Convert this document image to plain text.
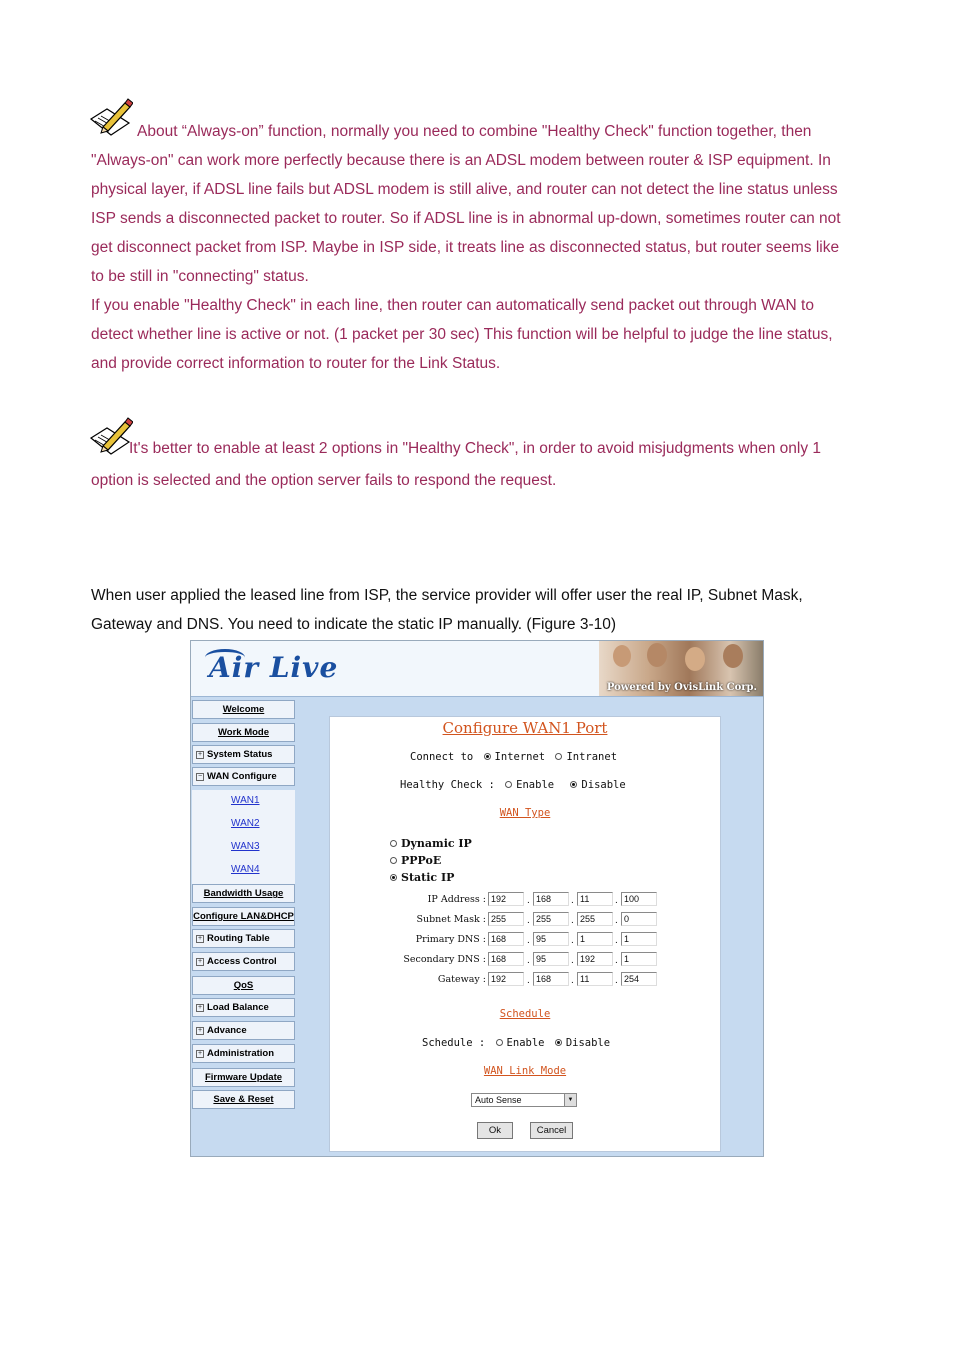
About “Always-on” function, normally you need to combine "Healthy Check" function together, then

"Always-on" can work more perfectly because there is an ADSL modem between router & ISP equipment. In

physical layer, if ADSL line fails but ADSL modem is still alive, and router can not detect the line status unless

ISP sends a disconnected packet to router. So if ADSL line is in abnormal up-down, sometimes router can not

get disconnect packet from ISP. Maybe in ISP side, it treats line as disconnected status, but router seems like

to be still in "connecting" status.

If you enable "Healthy Check" in each line, then router can automatically send packet out through WAN to

detect whether line is active or not. (1 packet per 30 sec) This function will be helpful to judge the line status,

and provide correct information to router for the Link Status.

It's better to enable at least 2 options in "Healthy Check", in order to avoid misjudgments when only 1

option is selected and the option server fails to respond the request.

When user applied the leased line from ISP, the service provider will offer user the real IP, Subnet Mask,

Gateway and DNS. You need to indicate the static IP manually. (Figure 3-10)

Air Live
Powered by OvisLink Corp.
Welcome
Work Mode
+ System Status
− WAN Configure
WAN1
WAN2
WAN3
WAN4
Bandwidth Usage
Configure LAN&DHCP
+ Routing Table
+ Access Control
QoS
+ Load Balance
+ Advance
+ Administration
Firmware Update
Save & Reset
Configure WAN1 Port
Connect to Internet Intranet
Healthy Check : Enable	Disable
WAN Type
Dynamic IP
PPPoE
Static IP
IP Address : 192	. 168	. 11	. 100
Subnet Mask : 255	. 255	. 255	. 0
Primary DNS : 168	. 95	. 1	. 1
Secondary DNS : 168	. 95	. 192	. 1
Gateway : 192	. 168	. 11	. 254
Schedule
Schedule : Enable Disable
WAN Link Mode
Auto Sense	▼
Ok	Cancel
